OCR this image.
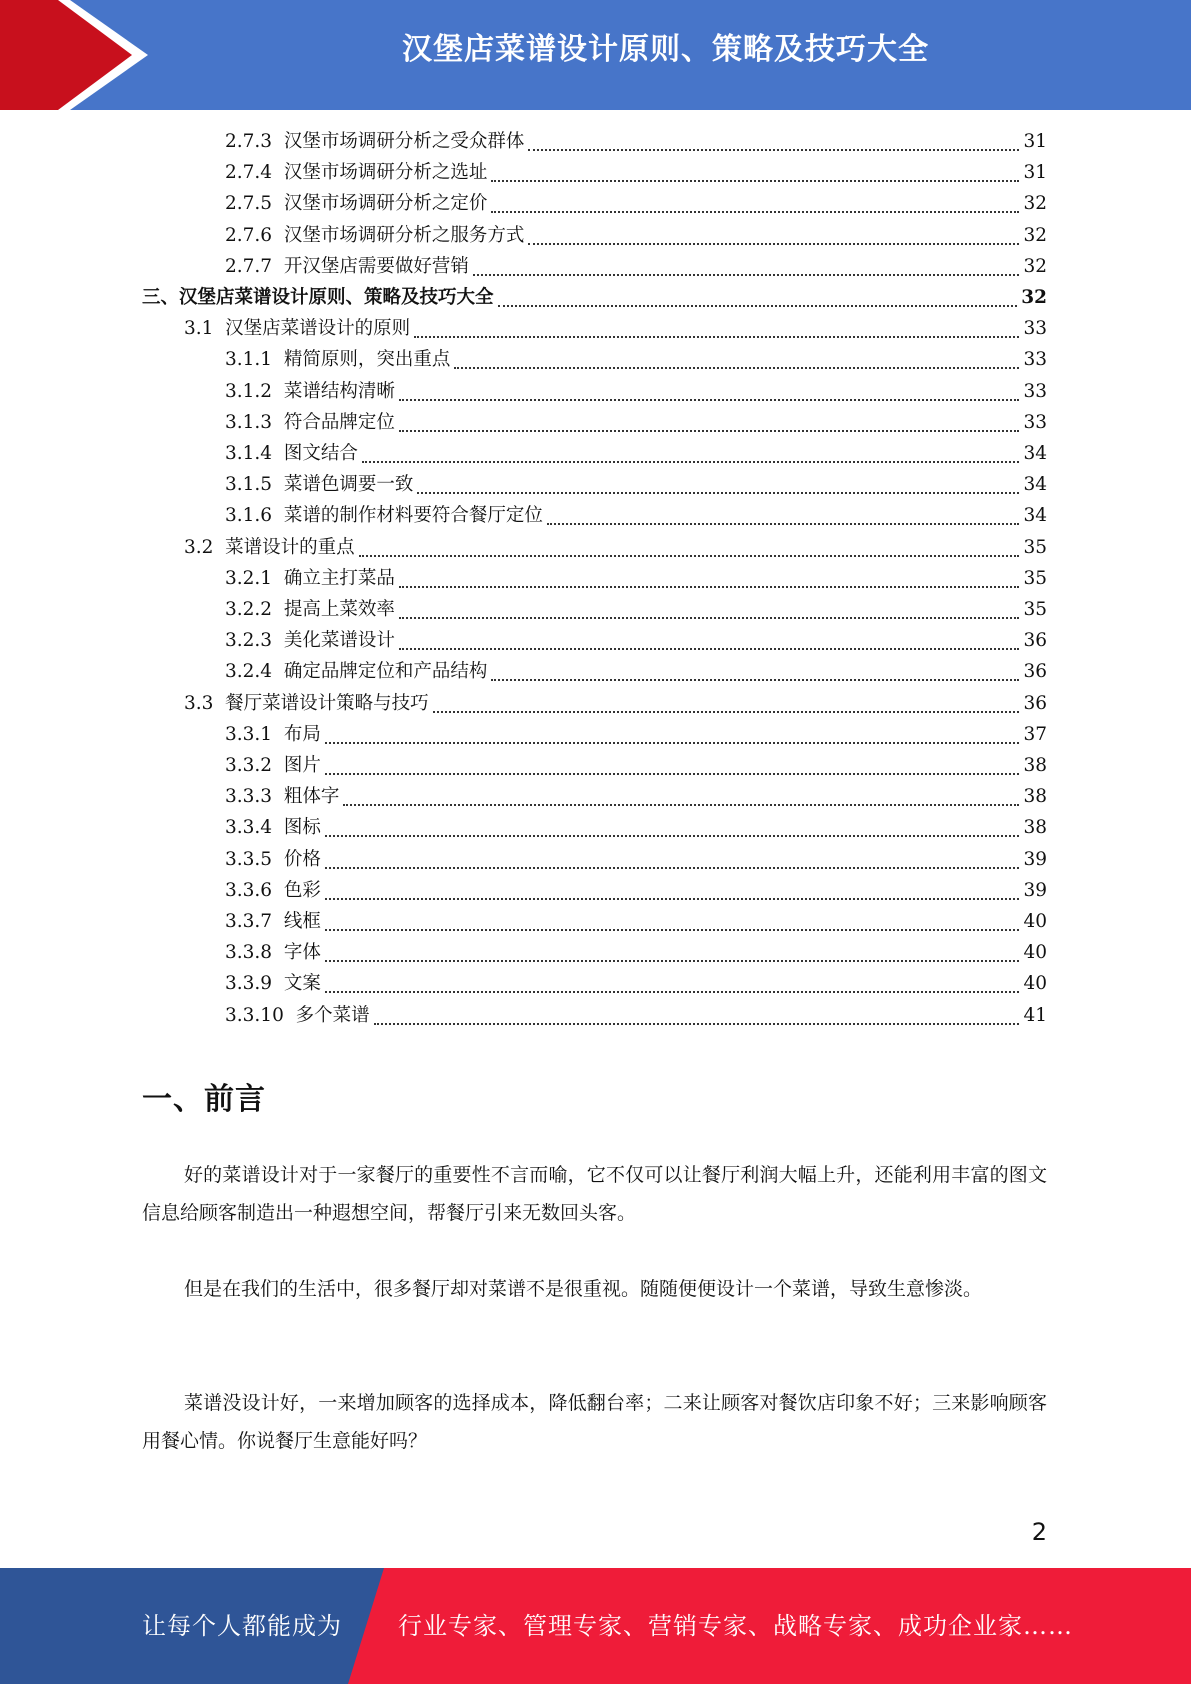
汉堡店菜谱设计原则、策略及技巧大全
2.7.3  汉堡市场调研分析之受众群体	31
2.7.4  汉堡市场调研分析之选址	31
2.7.5  汉堡市场调研分析之定价	32
2.7.6  汉堡市场调研分析之服务方式	32
2.7.7  开汉堡店需要做好营销	32
三、汉堡店菜谱设计原则、策略及技巧大全	32
3.1  汉堡店菜谱设计的原则	33
3.1.1  精简原则，突出重点	33
3.1.2  菜谱结构清晰	33
3.1.3  符合品牌定位	33
3.1.4  图文结合	34
3.1.5  菜谱色调要一致	34
3.1.6  菜谱的制作材料要符合餐厅定位	34
3.2  菜谱设计的重点	35
3.2.1  确立主打菜品	35
3.2.2  提高上菜效率	35
3.2.3  美化菜谱设计	36
3.2.4  确定品牌定位和产品结构	36
3.3  餐厅菜谱设计策略与技巧	36
3.3.1  布局	37
3.3.2  图片	38
3.3.3  粗体字	38
3.3.4  图标	38
3.3.5  价格	39
3.3.6  色彩	39
3.3.7  线框	40
3.3.8  字体	40
3.3.9  文案	40
3.3.10  多个菜谱	41
一、前言

好的菜谱设计对于一家餐厅的重要性不言而喻，它不仅可以让餐厅利润大幅上升，还能利用丰富的图文信息给顾客制造出一种遐想空间，帮餐厅引来无数回头客。

但是在我们的生活中，很多餐厅却对菜谱不是很重视。随随便便设计一个菜谱，导致生意惨淡。

菜谱没设计好，一来增加顾客的选择成本，降低翻台率；二来让顾客对餐饮店印象不好；三来影响顾客用餐心情。你说餐厅生意能好吗？

2
让每个人都能成为 行业专家、管理专家、营销专家、战略专家、成功企业家……
